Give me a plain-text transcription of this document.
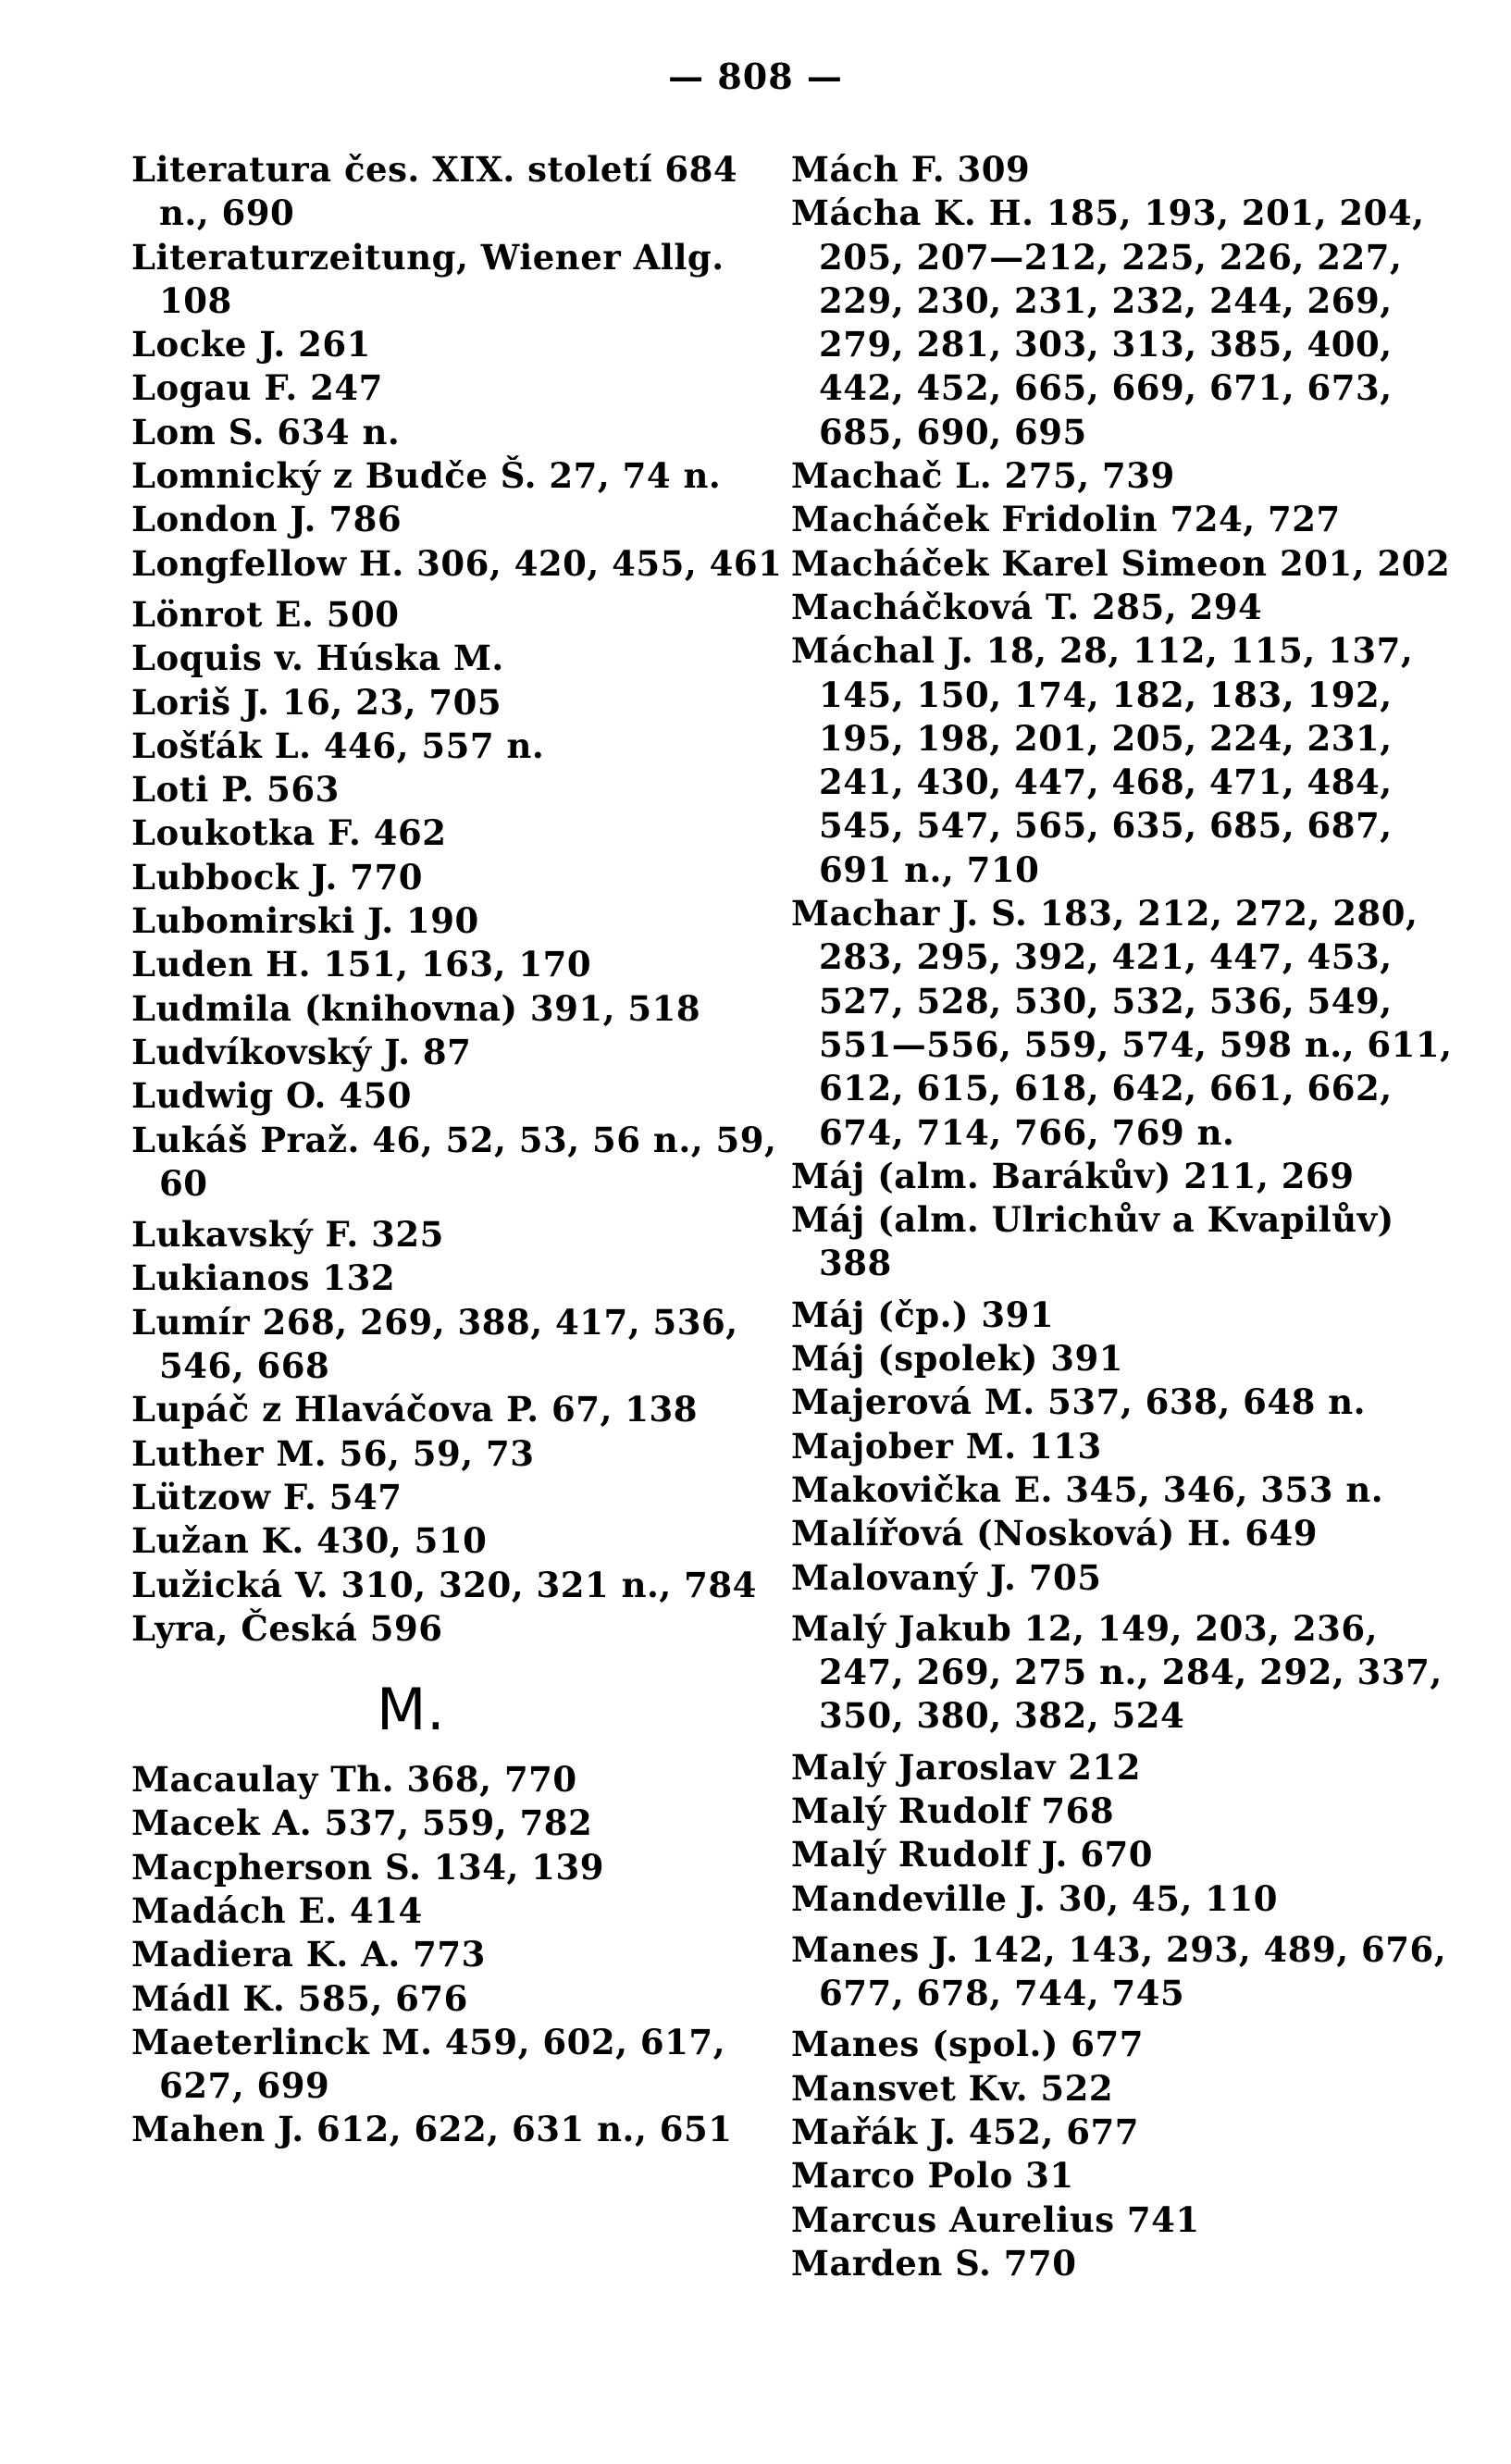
— 808 —
Literatura čes. XIX. století 684 n., 690
Literaturzeitung, Wiener Allg. 108
Locke J. 261
Logau F. 247
Lom S. 634 n.
Lomnický z Budče Š. 27, 74 n.
London J. 786
Longfellow H. 306, 420, 455, 461
Lönrot E. 500
Loquis v. Húska M.
Loriš J. 16, 23, 705
Lošťák L. 446, 557 n.
Loti P. 563
Loukotka F. 462
Lubbock J. 770
Lubomirski J. 190
Luden H. 151, 163, 170
Ludmila (knihovna) 391, 518
Ludvíkovský J. 87
Ludwig O. 450
Lukáš Praž. 46, 52, 53, 56 n., 59, 60
Lukavský F. 325
Lukianos 132
Lumír 268, 269, 388, 417, 536, 546, 668
Lupáč z Hlaváčova P. 67, 138
Luther M. 56, 59, 73
Lützow F. 547
Lužan K. 430, 510
Lužická V. 310, 320, 321 n., 784
Lyra, Česká 596
M.
Macaulay Th. 368, 770
Macek A. 537, 559, 782
Macpherson S. 134, 139
Madách E. 414
Madiera K. A. 773
Mádl K. 585, 676
Maeterlinck M. 459, 602, 617, 627, 699
Mahen J. 612, 622, 631 n., 651
Mách F. 309
Mácha K. H. 185, 193, 201, 204, 205, 207—212, 225, 226, 227, 229, 230, 231, 232, 244, 269, 279, 281, 303, 313, 385, 400, 442, 452, 665, 669, 671, 673, 685, 690, 695
Machač L. 275, 739
Macháček Fridolin 724, 727
Macháček Karel Simeon 201, 202
Macháčková T. 285, 294
Máchal J. 18, 28, 112, 115, 137, 145, 150, 174, 182, 183, 192, 195, 198, 201, 205, 224, 231, 241, 430, 447, 468, 471, 484, 545, 547, 565, 635, 685, 687, 691 n., 710
Machar J. S. 183, 212, 272, 280, 283, 295, 392, 421, 447, 453, 527, 528, 530, 532, 536, 549, 551—556, 559, 574, 598 n., 611, 612, 615, 618, 642, 661, 662, 674, 714, 766, 769 n.
Máj (alm. Barákův) 211, 269
Máj (alm. Ulrichův a Kvapilův) 388
Máj (čp.) 391
Máj (spolek) 391
Majerová M. 537, 638, 648 n.
Majober M. 113
Makovička E. 345, 346, 353 n.
Malířová (Nosková) H. 649
Malovaný J. 705
Malý Jakub 12, 149, 203, 236, 247, 269, 275 n., 284, 292, 337, 350, 380, 382, 524
Malý Jaroslav 212
Malý Rudolf 768
Malý Rudolf J. 670
Mandeville J. 30, 45, 110
Manes J. 142, 143, 293, 489, 676, 677, 678, 744, 745
Manes (spol.) 677
Mansvet Kv. 522
Mařák J. 452, 677
Marco Polo 31
Marcus Aurelius 741
Marden S. 770
